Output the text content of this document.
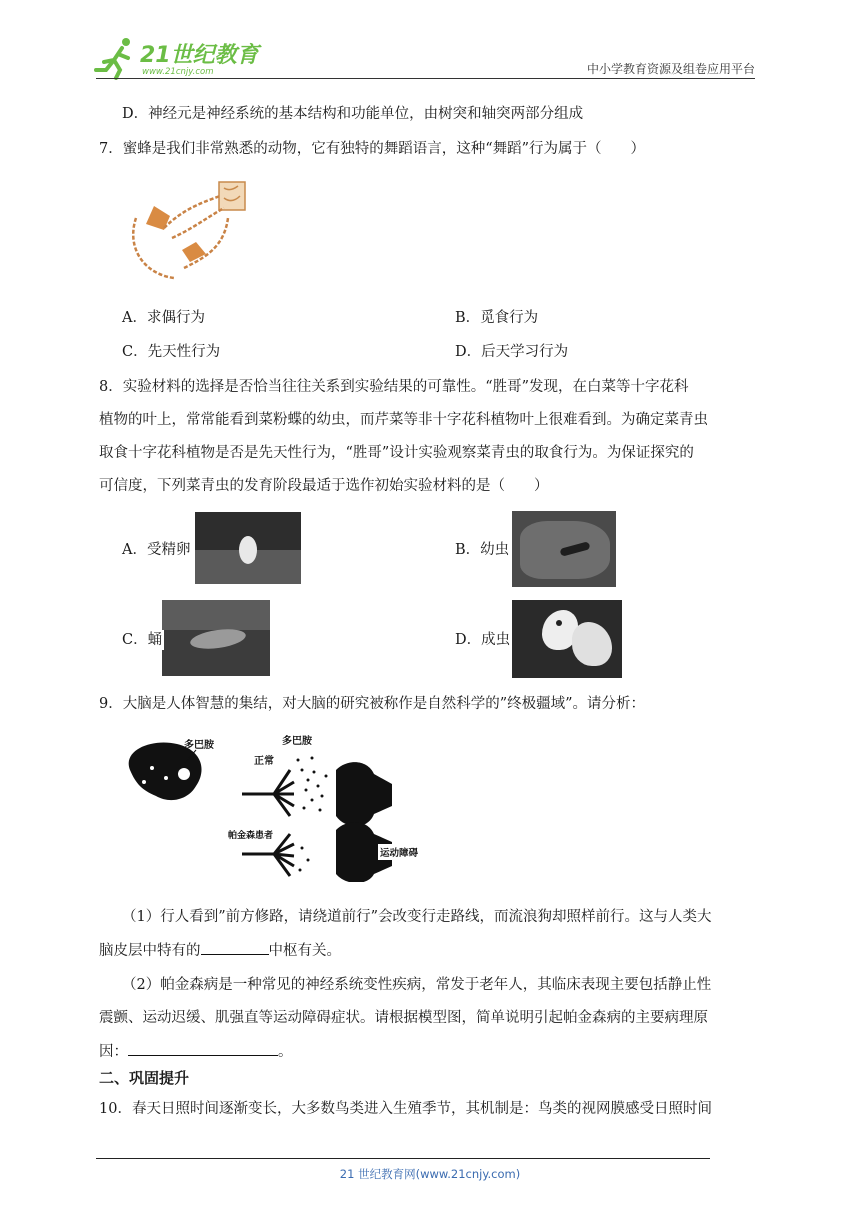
21世纪教育
www.21cnjy.com	中小学教育资源及组卷应用平台
D．神经元是神经系统的基本结构和功能单位，由树突和轴突两部分组成
7．蜜蜂是我们非常熟悉的动物，它有独特的舞蹈语言，这种“舞蹈”行为属于（　　）
A．求偶行为	B．觅食行为
C．先天性行为	D．后天学习行为
8．实验材料的选择是否恰当往往关系到实验结果的可靠性。“胜哥”发现，在白菜等十字花科
植物的叶上，常常能看到菜粉蝶的幼虫，而芹菜等非十字花科植物叶上很难看到。为确定菜青虫
取食十字花科植物是否是先天性行为，“胜哥”设计实验观察菜青虫的取食行为。为保证探究的
可信度，下列菜青虫的发育阶段最适于选作初始实验材料的是（　　）
A．受精卵	B．幼虫
C．蛹	D．成虫
9．大脑是人体智慧的集结，对大脑的研究被称作是自然科学的”终极疆域”。请分析：
多巴胺	多巴胺
正常
帕金森患者
运动障碍
（1）行人看到”前方修路，请绕道前行”会改变行走路线，而流浪狗却照样前行。这与人类大
脑皮层中特有的	中枢有关。
（2）帕金森病是一种常见的神经系统变性疾病，常发于老年人，其临床表现主要包括静止性
震颤、运动迟缓、肌强直等运动障碍症状。请根据模型图，简单说明引起帕金森病的主要病理原
因：	。
二、巩固提升
10．春天日照时间逐渐变长，大多数鸟类进入生殖季节，其机制是：鸟类的视网膜感受日照时间
21 世纪教育网(www.21cnjy.com)
